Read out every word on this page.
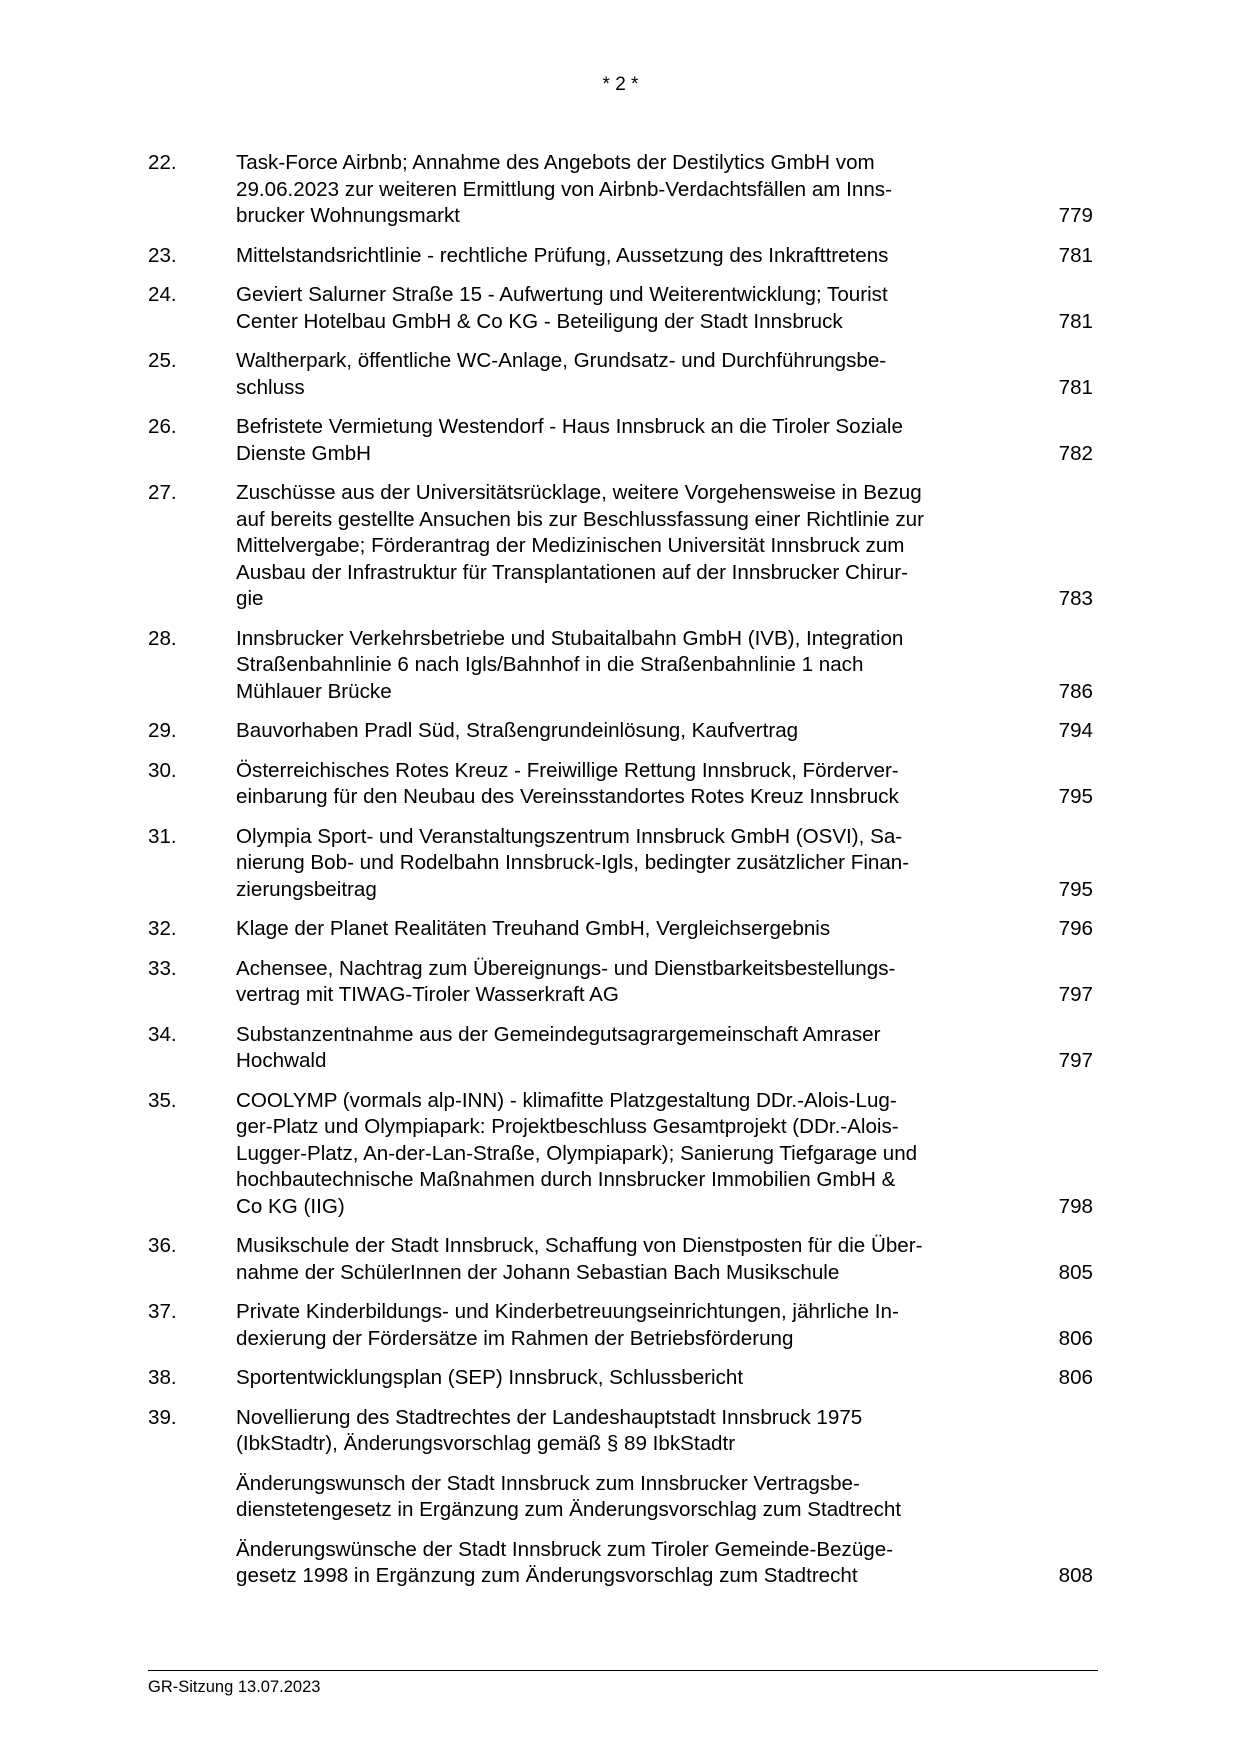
* 2 *
22.	Task-Force Airbnb; Annahme des Angebots der Destilytics GmbH vom
29.06.2023 zur weiteren Ermittlung von Airbnb-Verdachtsfällen am Inns-
brucker Wohnungsmarkt	779
23.	Mittelstandsrichtlinie - rechtliche Prüfung, Aussetzung des Inkrafttretens	781
24.	Geviert Salurner Straße 15 - Aufwertung und Weiterentwicklung; Tourist
Center Hotelbau GmbH & Co KG - Beteiligung der Stadt Innsbruck	781
25.	Waltherpark, öffentliche WC-Anlage, Grundsatz- und Durchführungsbe-
schluss	781
26.	Befristete Vermietung Westendorf - Haus Innsbruck an die Tiroler Soziale
Dienste GmbH	782
27.	Zuschüsse aus der Universitätsrücklage, weitere Vorgehensweise in Bezug
auf bereits gestellte Ansuchen bis zur Beschlussfassung einer Richtlinie zur
Mittelvergabe; Förderantrag der Medizinischen Universität Innsbruck zum
Ausbau der Infrastruktur für Transplantationen auf der Innsbrucker Chirur-
gie	783
28.	Innsbrucker Verkehrsbetriebe und Stubaitalbahn GmbH (IVB), Integration
Straßenbahnlinie 6 nach Igls/Bahnhof in die Straßenbahnlinie 1 nach
Mühlauer Brücke	786
29.	Bauvorhaben Pradl Süd, Straßengrundeinlösung, Kaufvertrag	794
30.	Österreichisches Rotes Kreuz - Freiwillige Rettung Innsbruck, Förderver-
einbarung für den Neubau des Vereinsstandortes Rotes Kreuz Innsbruck	795
31.	Olympia Sport- und Veranstaltungszentrum Innsbruck GmbH (OSVI), Sa-
nierung Bob- und Rodelbahn Innsbruck-Igls, bedingter zusätzlicher Finan-
zierungsbeitrag	795
32.	Klage der Planet Realitäten Treuhand GmbH, Vergleichsergebnis	796
33.	Achensee, Nachtrag zum Übereignungs- und Dienstbarkeitsbestellungs-
vertrag mit TIWAG-Tiroler Wasserkraft AG	797
34.	Substanzentnahme aus der Gemeindegutsagrargemeinschaft Amraser
Hochwald	797
35.	COOLYMP (vormals alp-INN) - klimafitte Platzgestaltung DDr.-Alois-Lug-
ger-Platz und Olympiapark: Projektbeschluss Gesamtprojekt (DDr.-Alois-
Lugger-Platz, An-der-Lan-Straße, Olympiapark); Sanierung Tiefgarage und
hochbautechnische Maßnahmen durch Innsbrucker Immobilien GmbH &
Co KG (IIG)	798
36.	Musikschule der Stadt Innsbruck, Schaffung von Dienstposten für die Über-
nahme der SchülerInnen der Johann Sebastian Bach Musikschule	805
37.	Private Kinderbildungs- und Kinderbetreuungseinrichtungen, jährliche In-
dexierung der Fördersätze im Rahmen der Betriebsförderung	806
38.	Sportentwicklungsplan (SEP) Innsbruck, Schlussbericht	806
39.	Novellierung des Stadtrechtes der Landeshauptstadt Innsbruck 1975
(IbkStadtr), Änderungsvorschlag gemäß § 89 IbkStadtr
Änderungswunsch der Stadt Innsbruck zum Innsbrucker Vertragsbe-
dienstetengesetz in Ergänzung zum Änderungsvorschlag zum Stadtrecht
Änderungswünsche der Stadt Innsbruck zum Tiroler Gemeinde-Bezüge-
gesetz 1998 in Ergänzung zum Änderungsvorschlag zum Stadtrecht	808
GR-Sitzung 13.07.2023
